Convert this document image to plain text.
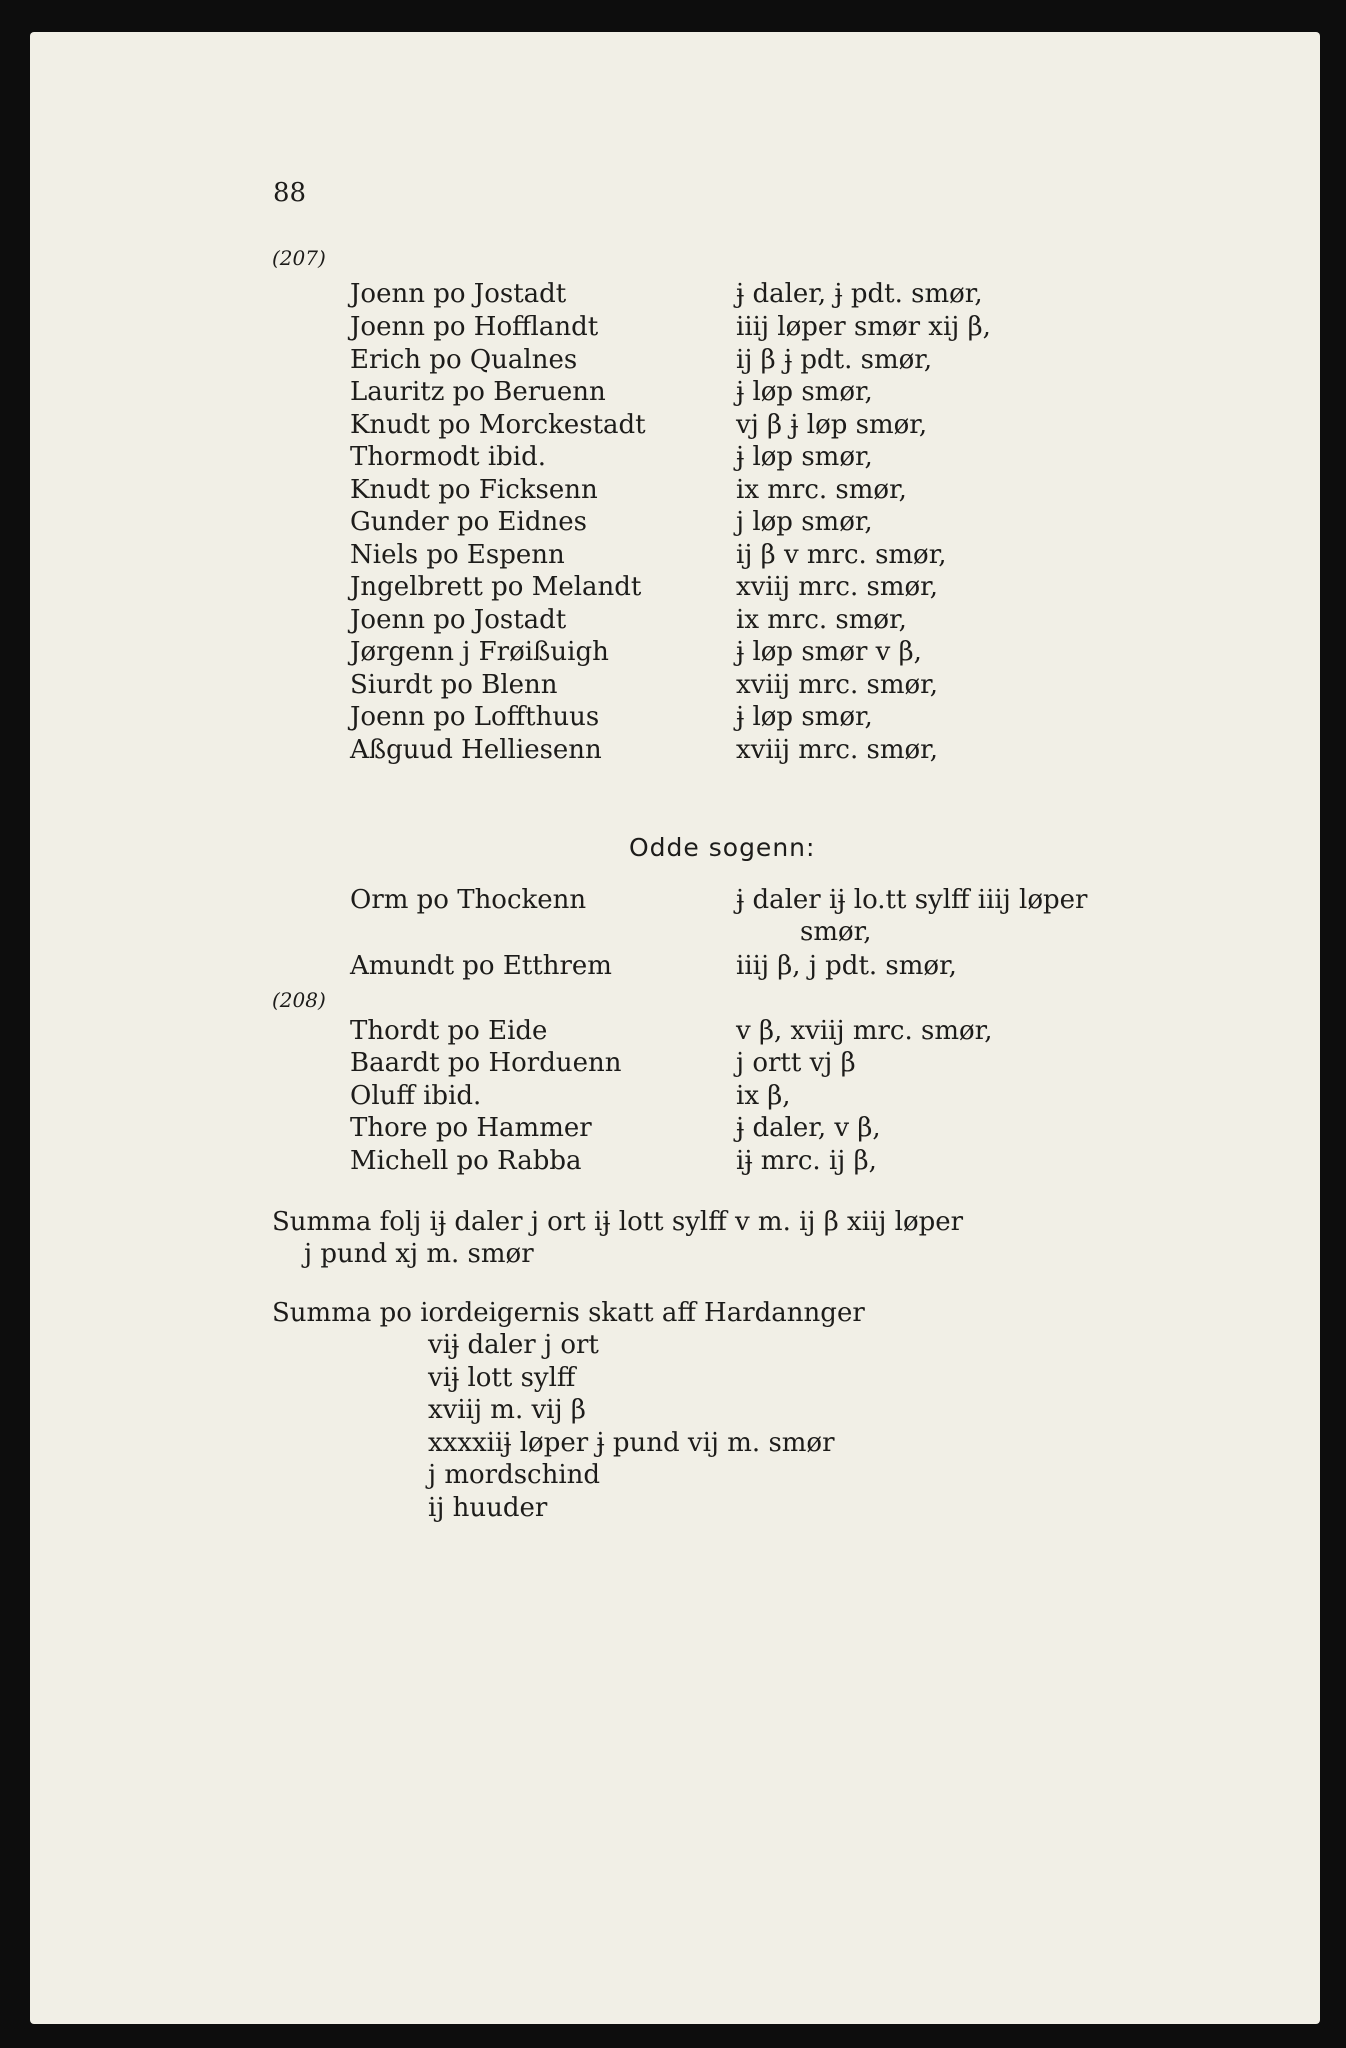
88
(207)
Joenn po Jostadt	ɉ daler, ɉ pdt. smør,
Joenn po Hofflandt	iiij løper smør xij β,
Erich po Qualnes	ij β ɉ pdt. smør,
Lauritz po Beruenn	ɉ løp smør,
Knudt po Morckestadt	vj β ɉ løp smør,
Thormodt ibid.	ɉ løp smør,
Knudt po Ficksenn	ix mrc. smør,
Gunder po Eidnes	j løp smør,
Niels po Espenn	ij β v mrc. smør,
Jngelbrett po Melandt	xviij mrc. smør,
Joenn po Jostadt	ix mrc. smør,
Jørgenn j Frøißuigh	ɉ løp smør v β,
Siurdt po Blenn	xviij mrc. smør,
Joenn po Loffthuus	ɉ løp smør,
Aßguud Helliesenn	xviij mrc. smør,
Odde sogenn:
Orm po Thockenn	ɉ daler iɉ lo.tt sylff iiij løper
smør,
Amundt po Etthrem	iiij β, j pdt. smør,
(208)
Thordt po Eide	v β, xviij mrc. smør,
Baardt po Horduenn	j ortt vj β
Oluff ibid.	ix β,
Thore po Hammer	ɉ daler, v β,
Michell po Rabba	iɉ mrc. ij β,
Summa folj iɉ daler j ort iɉ lott sylff v m. ij β xiij løper
j pund xj m. smør
Summa po iordeigernis skatt aff Hardannger
viɉ daler j ort
viɉ lott sylff
xviij m. vij β
xxxxiiɉ løper ɉ pund vij m. smør
j mordschind
ij huuder
